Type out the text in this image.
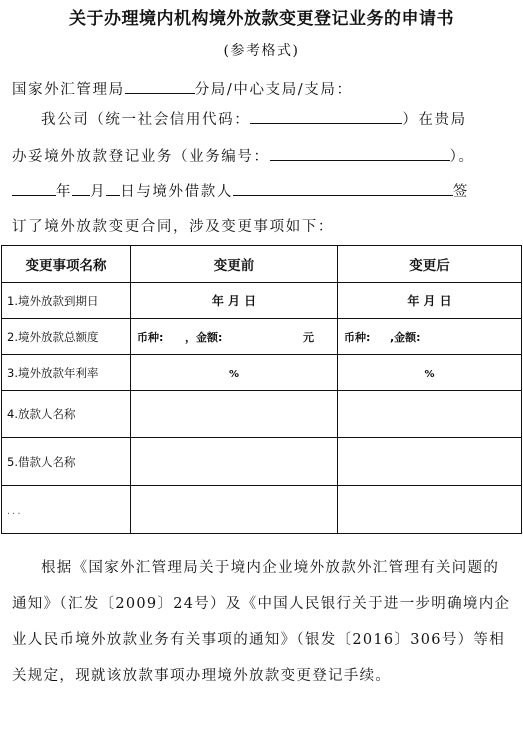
关于办理境内机构境外放款变更登记业务的申请书
(参考格式)
国家外汇管理局	分局/中心支局/支局：
我公司（统一社会信用代码：	）在贵局
办妥境外放款登记业务（业务编号：	）。
年 月 日与境外借款人	签
订了境外放款变更合同，涉及变更事项如下：
变更事项名称	变更前	变更后
1.境外放款到期日	年 月 日	年 月 日
2.境外放款总额度	币种: ，金额: 元	币种: ,金额:
3.境外放款年利率	%	%
4.放款人名称		
5.借款人名称		
...		
根据《国家外汇管理局关于境内企业境外放款外汇管理有关问题的通知》（汇发〔2009〕24号）及《中国人民银行关于进一步明确境内企业人民币境外放款业务有关事项的通知》（银发〔2016〕306号）等相关规定，现就该放款事项办理境外放款变更登记手续。
